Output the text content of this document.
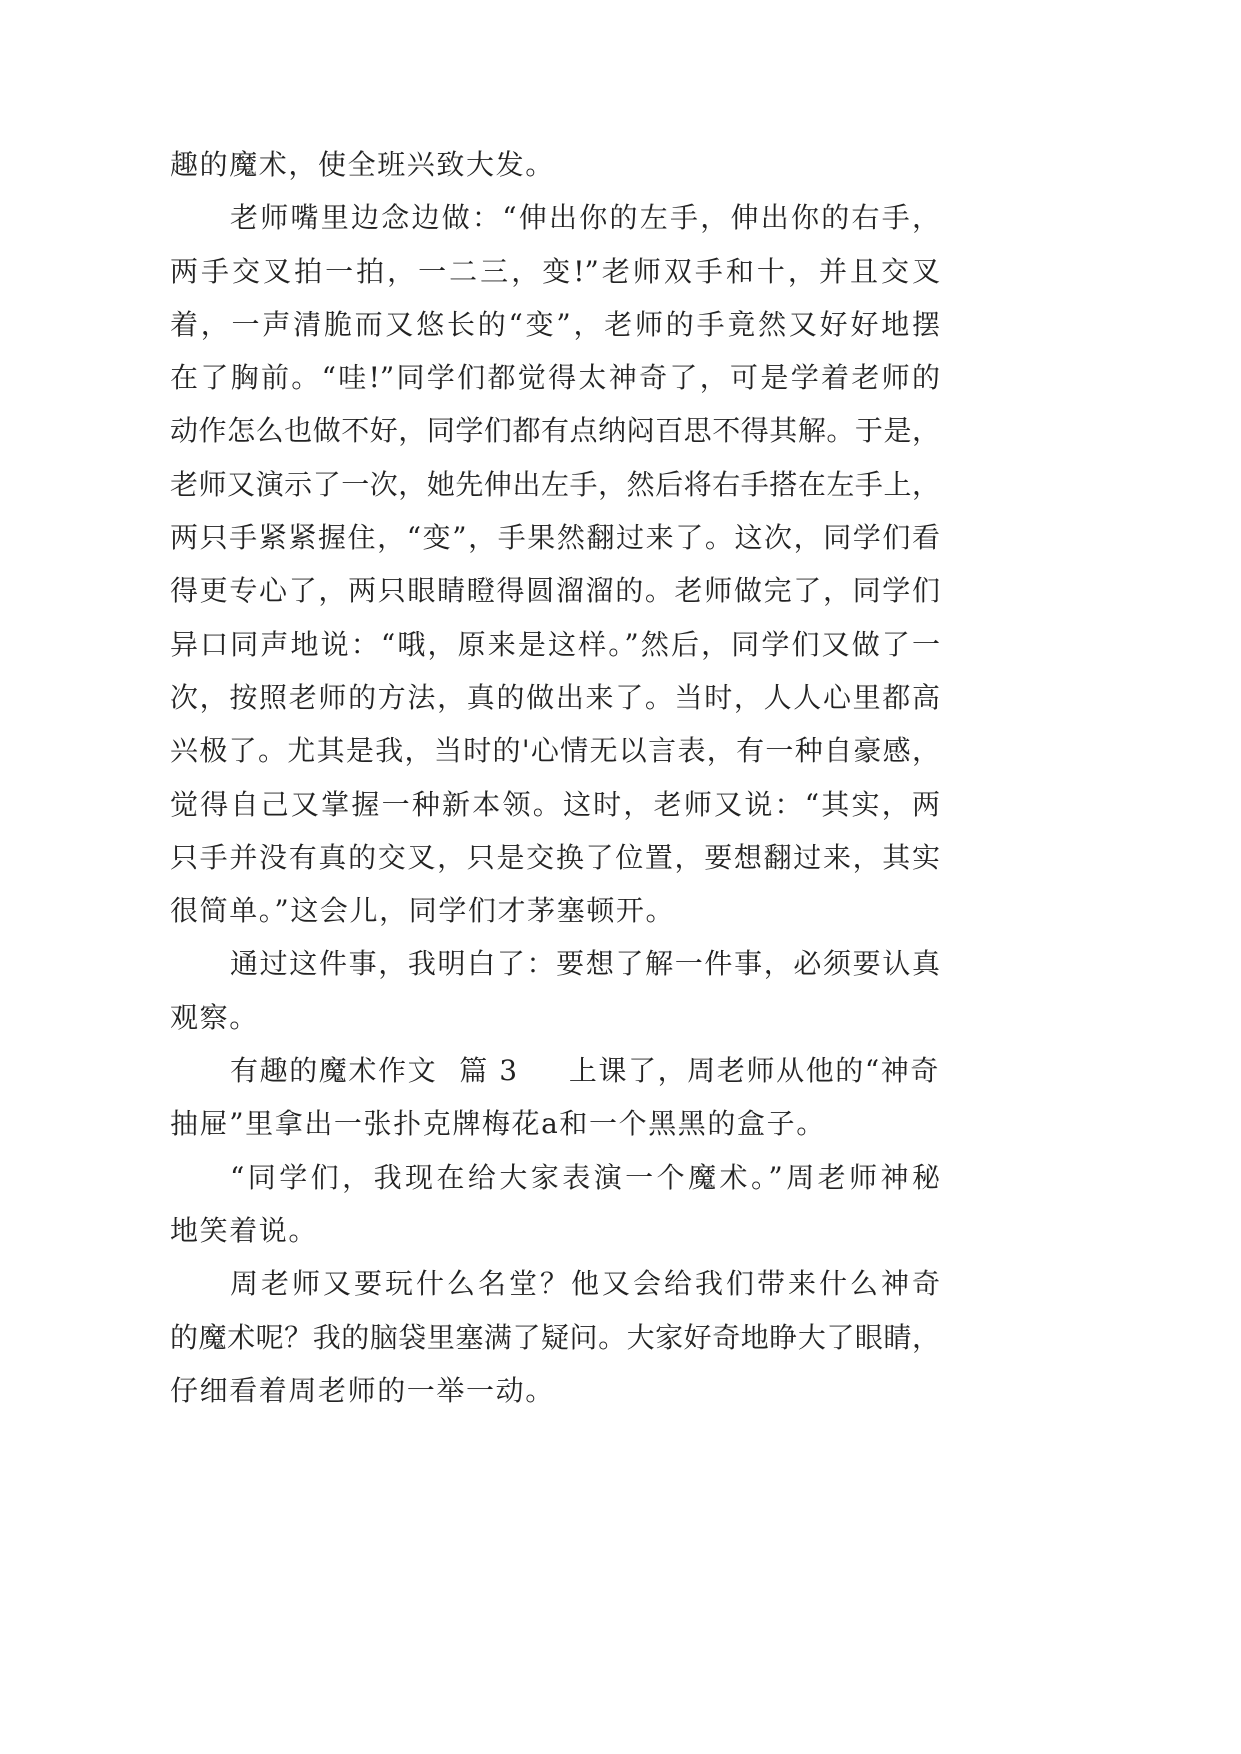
趣的魔术，使全班兴致大发。
老师嘴里边念边做：“伸出你的左手，伸出你的右手，
两手交叉拍一拍，一二三，变!”老师双手和十，并且交叉
着，一声清脆而又悠长的“变”，老师的手竟然又好好地摆
在了胸前。“哇!”同学们都觉得太神奇了，可是学着老师的
动作怎么也做不好，同学们都有点纳闷百思不得其解。于是，
老师又演示了一次，她先伸出左手，然后将右手搭在左手上，
两只手紧紧握住，“变”，手果然翻过来了。这次，同学们看
得更专心了，两只眼睛瞪得圆溜溜的。老师做完了，同学们
异口同声地说：“哦，原来是这样。”然后，同学们又做了一
次，按照老师的方法，真的做出来了。当时，人人心里都高
兴极了。尤其是我，当时的'心情无以言表，有一种自豪感，
觉得自己又掌握一种新本领。这时，老师又说：“其实，两
只手并没有真的交叉，只是交换了位置，要想翻过来，其实
很简单。”这会儿，同学们才茅塞顿开。
通过这件事，我明白了：要想了解一件事，必须要认真
观察。
有趣的魔术作文 篇 3 上课了，周老师从他的“神奇
抽屉”里拿出一张扑克牌梅花a和一个黑黑的盒子。
“同学们，我现在给大家表演一个魔术。”周老师神秘
地笑着说。
周老师又要玩什么名堂？他又会给我们带来什么神奇
的魔术呢？我的脑袋里塞满了疑问。大家好奇地睁大了眼睛，
仔细看着周老师的一举一动。
